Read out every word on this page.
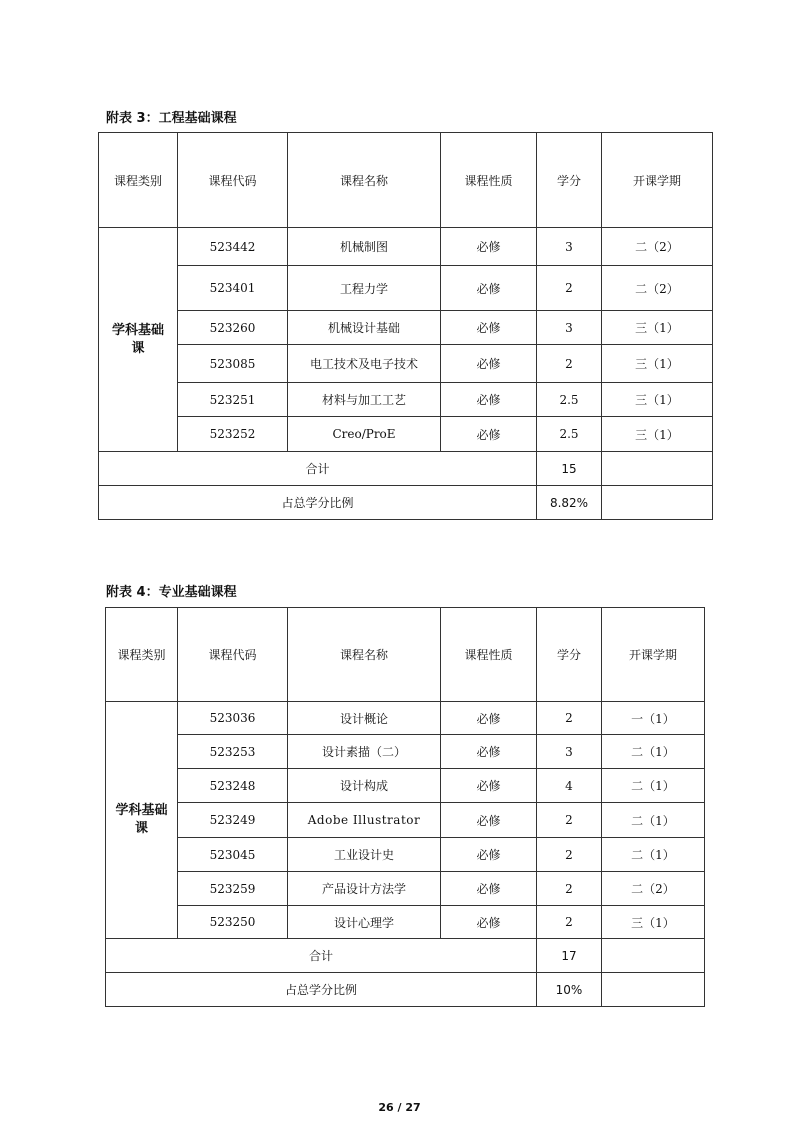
附表 3：工程基础课程
课程类别	课程代码	课程名称	课程性质	学分	开课学期
学科基础课	523442	机械制图	必修	3	二（2）
	523401	工程力学	必修	2	二（2）
	523260	机械设计基础	必修	3	三（1）
	523085	电工技术及电子技术	必修	2	三（1）
	523251	材料与加工工艺	必修	2.5	三（1）
	523252	Creo/ProE	必修	2.5	三（1）
合计				15	
占总学分比例				8.82%	
附表 4：专业基础课程
课程类别	课程代码	课程名称	课程性质	学分	开课学期
学科基础课	523036	设计概论	必修	2	一（1）
	523253	设计素描（二）	必修	3	二（1）
	523248	设计构成	必修	4	二（1）
	523249	Adobe Illustrator	必修	2	二（1）
	523045	工业设计史	必修	2	二（1）
	523259	产品设计方法学	必修	2	二（2）
	523250	设计心理学	必修	2	三（1）
合计				17	
占总学分比例				10%	
26 / 27
